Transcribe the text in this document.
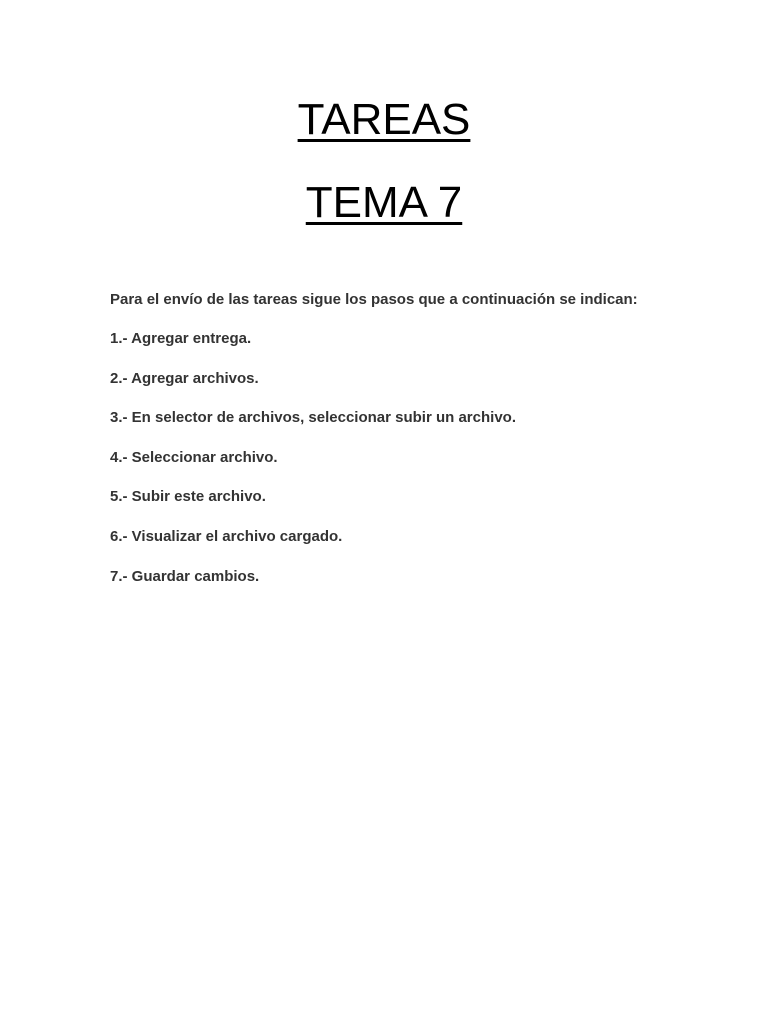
TAREAS
TEMA 7

Para el envío de las tareas sigue los pasos que a continuación se indican:

1.- Agregar entrega.
2.- Agregar archivos.
3.- En selector de archivos, seleccionar subir un archivo.
4.- Seleccionar archivo.
5.- Subir este archivo.
6.- Visualizar el archivo cargado.
7.- Guardar cambios.
